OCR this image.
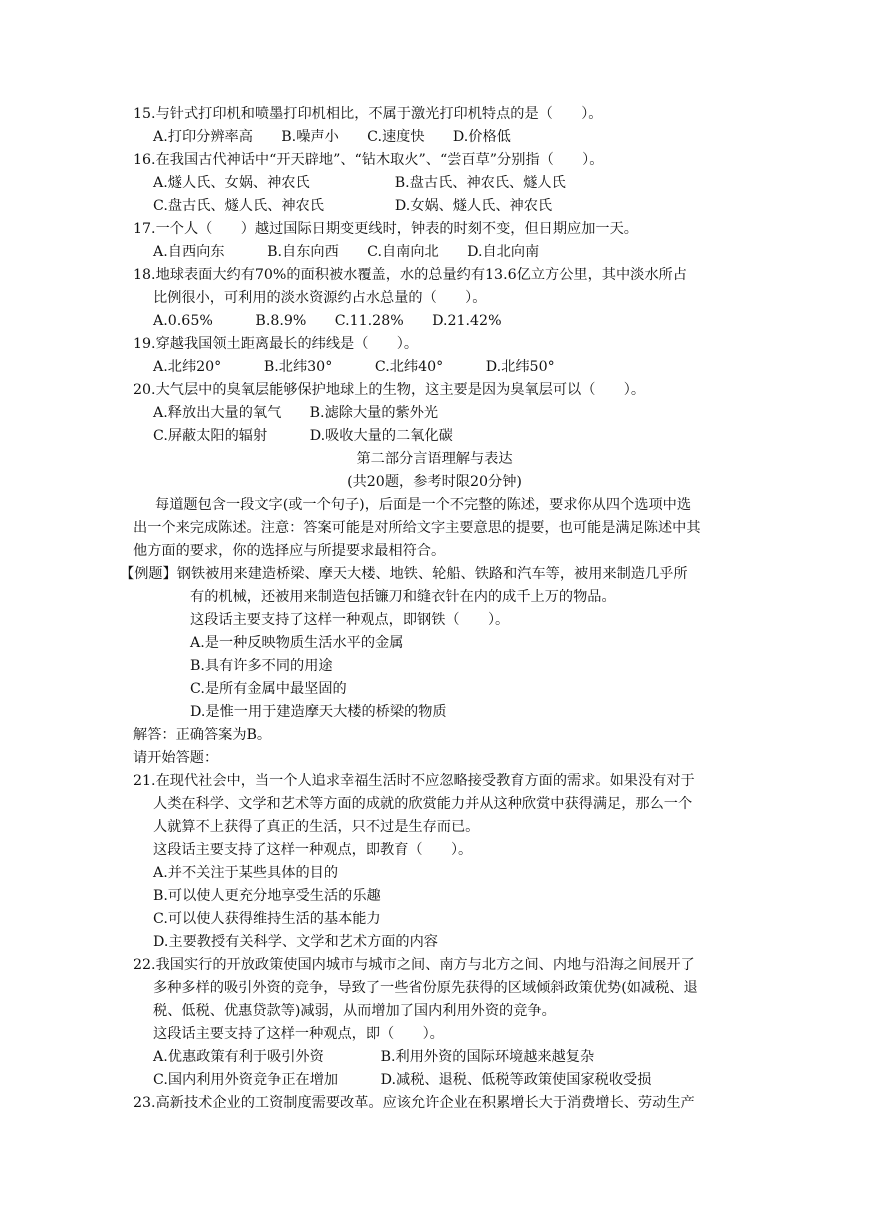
15.与针式打印机和喷墨打印机相比，不属于激光打印机特点的是（　　）。
A.打印分辨率高　　B.噪声小　　C.速度快　　D.价格低
16.在我国古代神话中“开天辟地”、“钻木取火”、“尝百草”分别指（　　）。
A.燧人氏、女娲、神农氏　　　　　　B.盘古氏、神农氏、燧人氏
C.盘古氏、燧人氏、神农氏　　　　　D.女娲、燧人氏、神农氏
17.一个人（　　）越过国际日期变更线时，钟表的时刻不变，但日期应加一天。
A.自西向东　　　B.自东向西　　C.自南向北　　D.自北向南
18.地球表面大约有70%的面积被水覆盖，水的总量约有13.6亿立方公里，其中淡水所占
比例很小，可利用的淡水资源约占水总量的（　　）。
A.0.65%　　　B.8.9%　　C.11.28%　　D.21.42%
19.穿越我国领土距离最长的纬线是（　　）。
A.北纬20°　　　B.北纬30°　　　C.北纬40°　　　D.北纬50°
20.大气层中的臭氧层能够保护地球上的生物，这主要是因为臭氧层可以（　　）。
A.释放出大量的氧气　　B.滤除大量的紫外光
C.屏蔽太阳的辐射　　　D.吸收大量的二氧化碳
第二部分言语理解与表达
(共20题，参考时限20分钟)
每道题包含一段文字(或一个句子)，后面是一个不完整的陈述，要求你从四个选项中选
出一个来完成陈述。注意：答案可能是对所给文字主要意思的提要，也可能是满足陈述中其
他方面的要求，你的选择应与所提要求最相符合。
【例题】钢铁被用来建造桥梁、摩天大楼、地铁、轮船、铁路和汽车等，被用来制造几乎所
有的机械，还被用来制造包括镰刀和缝衣针在内的成千上万的物品。
这段话主要支持了这样一种观点，即钢铁（　　）。
A.是一种反映物质生活水平的金属
B.具有许多不同的用途
C.是所有金属中最坚固的
D.是惟一用于建造摩天大楼的桥梁的物质
解答：正确答案为B。
请开始答题：
21.在现代社会中，当一个人追求幸福生活时不应忽略接受教育方面的需求。如果没有对于
人类在科学、文学和艺术等方面的成就的欣赏能力并从这种欣赏中获得满足，那么一个
人就算不上获得了真正的生活，只不过是生存而已。
这段话主要支持了这样一种观点，即教育（　　）。
A.并不关注于某些具体的目的
B.可以使人更充分地享受生活的乐趣
C.可以使人获得维持生活的基本能力
D.主要教授有关科学、文学和艺术方面的内容
22.我国实行的开放政策使国内城市与城市之间、南方与北方之间、内地与沿海之间展开了
多种多样的吸引外资的竞争，导致了一些省份原先获得的区域倾斜政策优势(如减税、退
税、低税、优惠贷款等)减弱，从而增加了国内利用外资的竞争。
这段话主要支持了这样一种观点，即（　　）。
A.优惠政策有利于吸引外资　　　　B.利用外资的国际环境越来越复杂
C.国内利用外资竞争正在增加　　　D.减税、退税、低税等政策使国家税收受损
23.高新技术企业的工资制度需要改革。应该允许企业在积累增长大于消费增长、劳动生产
